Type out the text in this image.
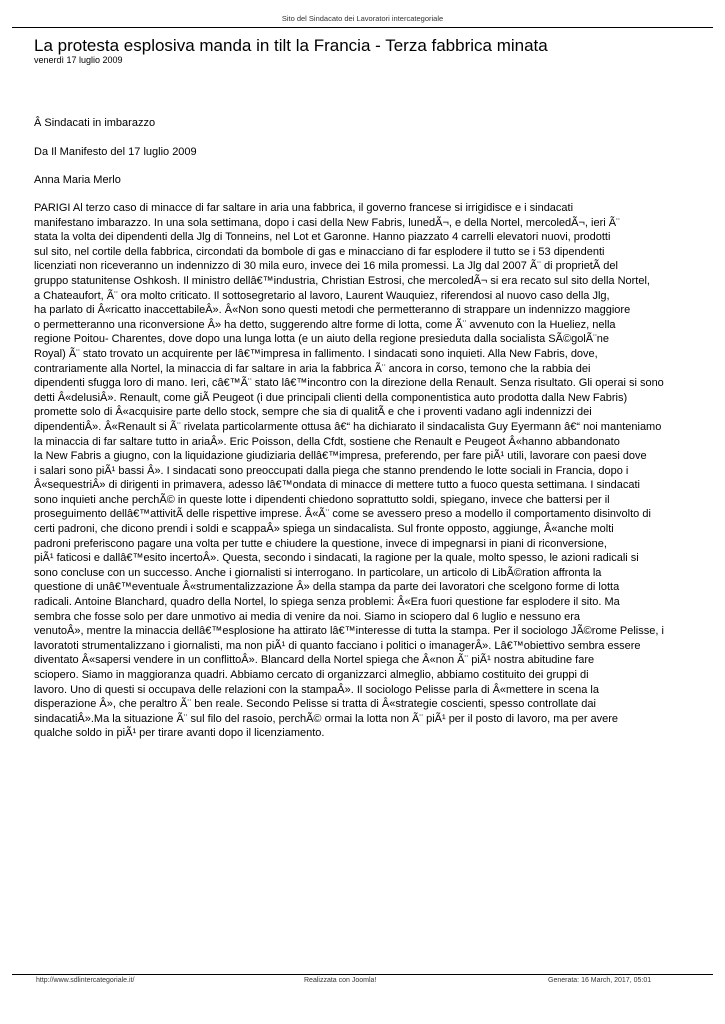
Sito del Sindacato dei Lavoratori intercategoriale
La protesta esplosiva manda in tilt la Francia - Terza fabbrica minata
venerdì 17 luglio 2009
Â Sindacati in imbarazzo
Da Il Manifesto del 17 luglio 2009
Anna Maria Merlo
PARIGI Al terzo caso di minacce di far saltare in aria una fabbrica, il governo francese si irrigidisce e i sindacati
manifestano imbarazzo. In una sola settimana, dopo i casi della New Fabris, lunedÃ¬, e della Nortel, mercoledÃ¬, ieri Ã¨
stata la volta dei dipendenti della Jlg di Tonneins, nel Lot et Garonne. Hanno piazzato 4 carrelli elevatori nuovi, prodotti
sul sito, nel cortile della fabbrica, circondati da bombole di gas e minacciano di far esplodere il tutto se i 53 dipendenti
licenziati non riceveranno un indennizzo di 30 mila euro, invece dei 16 mila promessi. La Jlg dal 2007 Ã¨ di proprietÃ del
gruppo statunitense Oshkosh. Il ministro dellâ€™industria, Christian Estrosi, che mercoledÃ¬ si era recato sul sito della Nortel,
a Chateaufort, Ã¨ ora molto criticato. Il sottosegretario al lavoro, Laurent Wauquiez, riferendosi al nuovo caso della Jlg,
ha parlato di Â«ricatto inaccettabileÂ». Â«Non sono questi metodi che permetteranno di strappare un indennizzo maggiore
o permetteranno una riconversione Â» ha detto, suggerendo altre forme di lotta, come Ã¨ avvenuto con la Hueliez, nella
regione Poitou- Charentes, dove dopo una lunga lotta (e un aiuto della regione presieduta dalla socialista SÃ©golÃ¨ne
Royal) Ã¨ stato trovato un acquirente per lâ€™impresa in fallimento. I sindacati sono inquieti. Alla New Fabris, dove,
contrariamente alla Nortel, la minaccia di far saltare in aria la fabbrica Ã¨ ancora in corso, temono che la rabbia dei
dipendenti sfugga loro di mano. Ieri, câ€™Ã¨ stato lâ€™incontro con la direzione della Renault. Senza risultato. Gli operai si sono
detti Â«delusiÂ». Renault, come giÃ Peugeot (i due principali clienti della componentistica auto prodotta dalla New Fabris)
promette solo di Â«acquisire parte dello stock, sempre che sia di qualitÃ e che i proventi vadano agli indennizzi dei
dipendentiÂ». Â«Renault si Ã¨ rivelata particolarmente ottusa â€“ ha dichiarato il sindacalista Guy Eyermann â€“ noi manteniamo
la minaccia di far saltare tutto in ariaÂ». Eric Poisson, della Cfdt, sostiene che Renault e Peugeot Â«hanno abbandonato
la New Fabris a giugno, con la liquidazione giudiziaria dellâ€™impresa, preferendo, per fare piÃ¹ utili, lavorare con paesi dove
i salari sono piÃ¹ bassi Â». I sindacati sono preoccupati dalla piega che stanno prendendo le lotte sociali in Francia, dopo i
Â«sequestriÂ» di dirigenti in primavera, adesso lâ€™ondata di minacce di mettere tutto a fuoco questa settimana. I sindacati
sono inquieti anche perchÃ© in queste lotte i dipendenti chiedono soprattutto soldi, spiegano, invece che battersi per il
proseguimento dellâ€™attivitÃ delle rispettive imprese. Â«Ã¨ come se avessero preso a modello il comportamento disinvolto di
certi padroni, che dicono prendi i soldi e scappaÂ» spiega un sindacalista. Sul fronte opposto, aggiunge, Â«anche molti
padroni preferiscono pagare una volta per tutte e chiudere la questione, invece di impegnarsi in piani di riconversione,
piÃ¹ faticosi e dallâ€™esito incertoÂ». Questa, secondo i sindacati, la ragione per la quale, molto spesso, le azioni radicali si
sono concluse con un successo. Anche i giornalisti si interrogano. In particolare, un articolo di LibÃ©ration affronta la
questione di unâ€™eventuale Â«strumentalizzazione Â» della stampa da parte dei lavoratori che scelgono forme di lotta
radicali. Antoine Blanchard, quadro della Nortel, lo spiega senza problemi: Â«Era fuori questione far esplodere il sito. Ma
sembra che fosse solo per dare unmotivo ai media di venire da noi. Siamo in sciopero dal 6 luglio e nessuno era
venutoÂ», mentre la minaccia dellâ€™esplosione ha attirato lâ€™interesse di tutta la stampa. Per il sociologo JÃ©rome Pelisse, i
lavoratoti strumentalizzano i giornalisti, ma non piÃ¹ di quanto facciano i politici o imanagerÂ». Lâ€™obiettivo sembra essere
diventato Â«sapersi vendere in un conflittoÂ». Blancard della Nortel spiega che Â«non Ã¨ piÃ¹ nostra abitudine fare
sciopero. Siamo in maggioranza quadri. Abbiamo cercato di organizzarci almeglio, abbiamo costituito dei gruppi di
lavoro. Uno di questi si occupava delle relazioni con la stampaÂ». Il sociologo Pelisse parla di Â«mettere in scena la
disperazione Â», che peraltro Ã¨ ben reale. Secondo Pelisse si tratta di Â«strategie coscienti, spesso controllate dai
sindacatiÂ».Ma la situazione Ã¨ sul filo del rasoio, perchÃ© ormai la lotta non Ã¨ piÃ¹ per il posto di lavoro, ma per avere
qualche soldo in piÃ¹ per tirare avanti dopo il licenziamento.
http://www.sdlintercategoriale.it/	Realizzata con Joomla!	Generata: 16 March, 2017, 05:01
